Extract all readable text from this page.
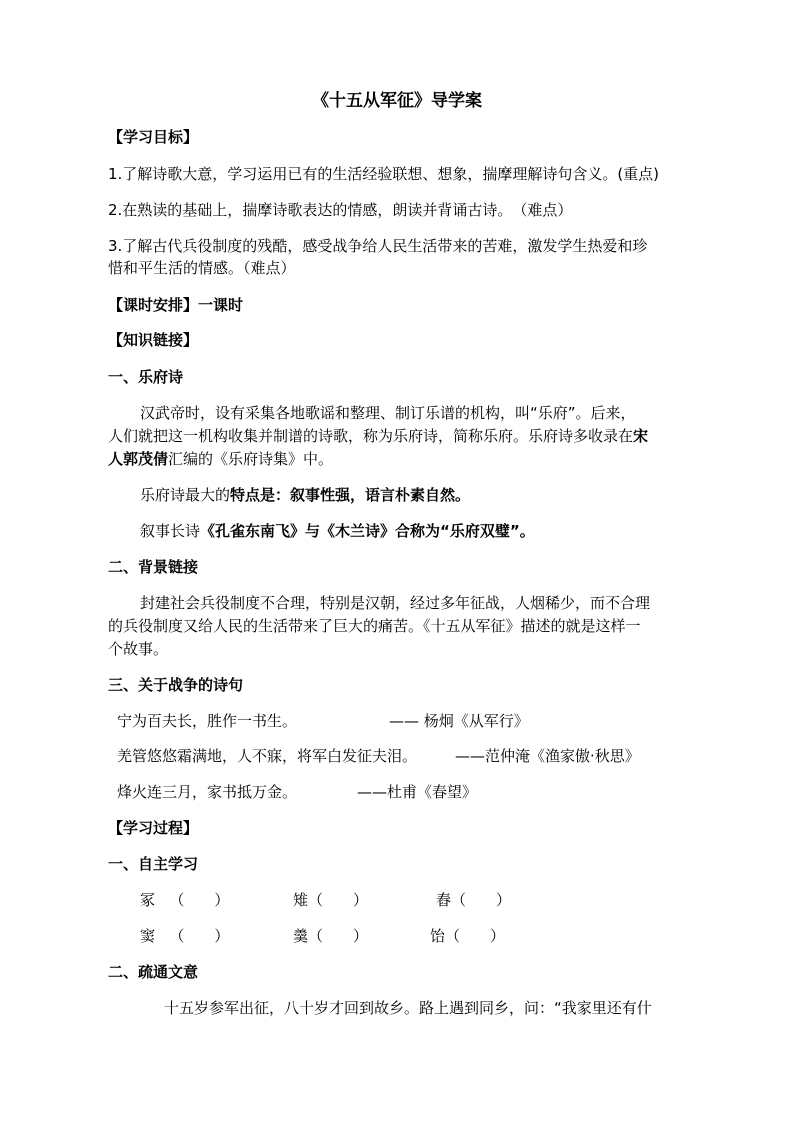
《十五从军征》导学案
【学习目标】
1.了解诗歌大意，学习运用已有的生活经验联想、想象，揣摩理解诗句含义。(重点)
2.在熟读的基础上，揣摩诗歌表达的情感，朗读并背诵古诗。　（难点）
3.了解古代兵役制度的残酷，感受战争给人民生活带来的苦难，激发学生热爱和珍
惜和平生活的情感。（难点）
【课时安排】一课时
【知识链接】
一、乐府诗
汉武帝时，设有采集各地歌谣和整理、制订乐谱的机构，叫“乐府”。后来，
人们就把这一机构收集并制谱的诗歌，称为乐府诗，简称乐府。乐府诗多收录在宋
人郭茂倩汇编的《乐府诗集》中。
乐府诗最大的特点是：叙事性强，语言朴素自然。
叙事长诗《孔雀东南飞》与《木兰诗》合称为“乐府双璧”。
二、背景链接
封建社会兵役制度不合理，特别是汉朝，经过多年征战，人烟稀少，而不合理
的兵役制度又给人民的生活带来了巨大的痛苦。《十五从军征》描述的就是这样一
个故事。
三、关于战争的诗句
宁为百夫长，胜作一书生。	—— 杨炯《从军行》
羌管悠悠霜满地，人不寐，将军白发征夫泪。	——范仲淹《渔家傲·秋思》
烽火连三月，家书抵万金。	——杜甫《春望》
【学习过程】
一、自主学习
冢 （　　）	雉（　　）	舂（　　）
窦 （　　）	羹（　　）	饴（　　）
二、疏通文意
十五岁参军出征，八十岁才回到故乡。路上遇到同乡，问：“我家里还有什
